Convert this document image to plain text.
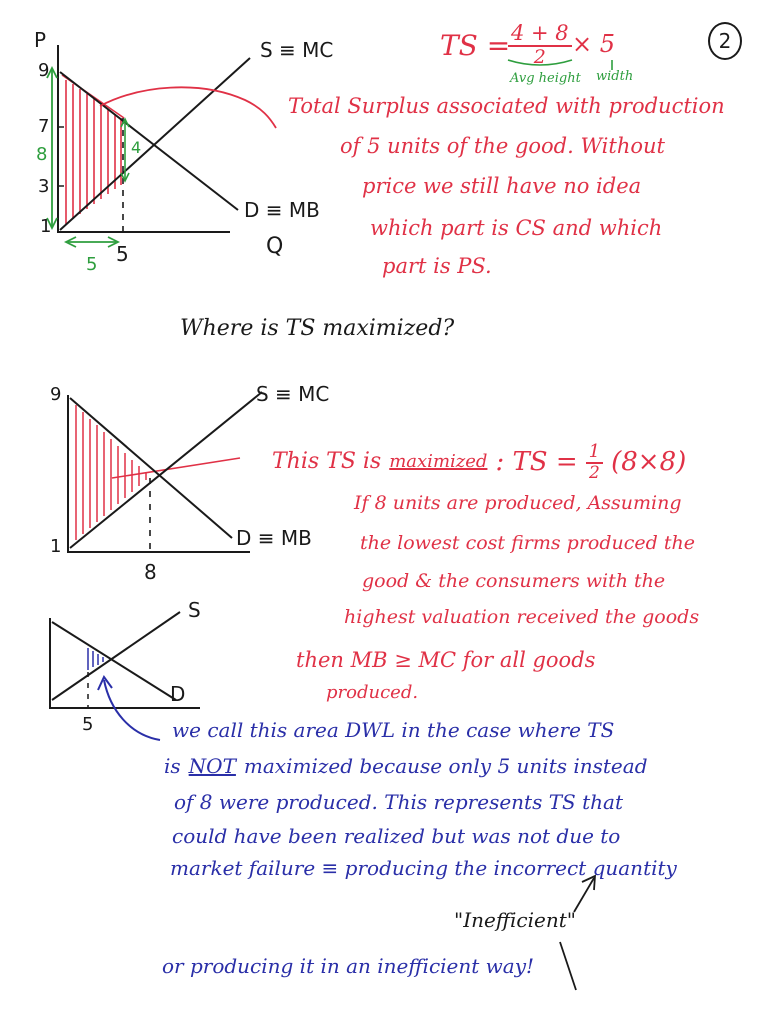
P
Q
S ≡ MC
D ≡ MB
9
7
3
1
5
8	4
5
TS =
$\frac{4 + 8}{2} \times 5$
Avg height width
2
Total Surplus associated with production
of 5 units of the good. Without
price we still have no idea
which part is CS and which
part is PS.
Where is TS maximized?
9
1
8
S ≡ MC
D ≡ MB
This TS is maximized : TS = $\frac{1}{2} (8\times 8)$
If 8 units are produced, Assuming
the lowest cost firms produced the
good & the consumers with the
highest valuation received the goods
then MB ≥ MC for all goods
produced.
S
D
5	we call this area DWL in the case where TS
is NOT maximized because only 5 units instead
of 8 were produced. This represents TS that
could have been realized but was not due to
market failure ≡ producing the incorrect quantity
"Inefficient"
or producing it in an inefficient way!
